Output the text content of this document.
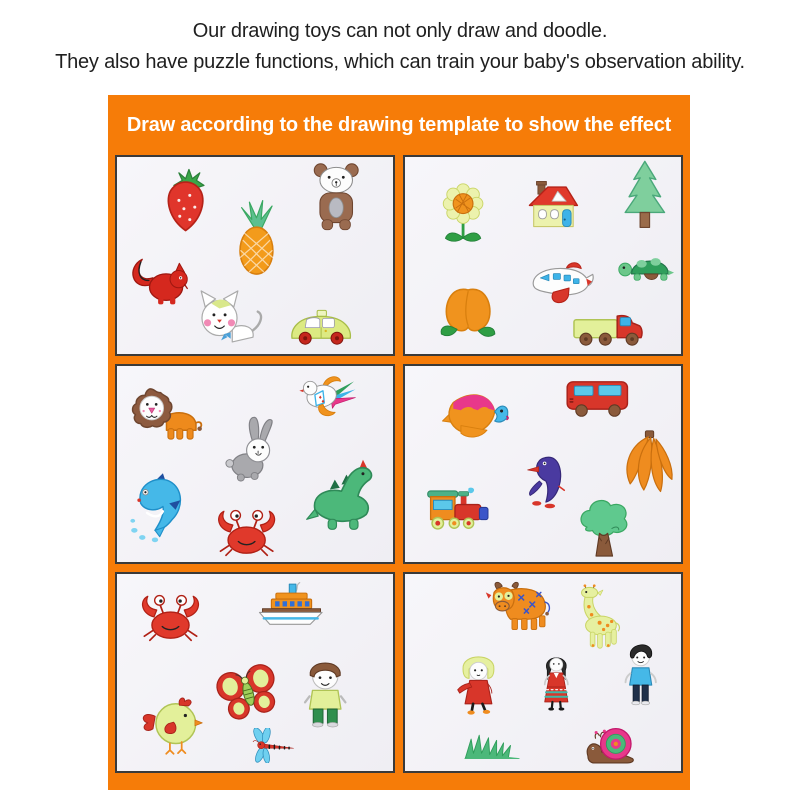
Our drawing toys can not only draw and doodle.

They also have puzzle functions, which can train your baby's observation ability.

Draw according to the drawing template to show the effect
